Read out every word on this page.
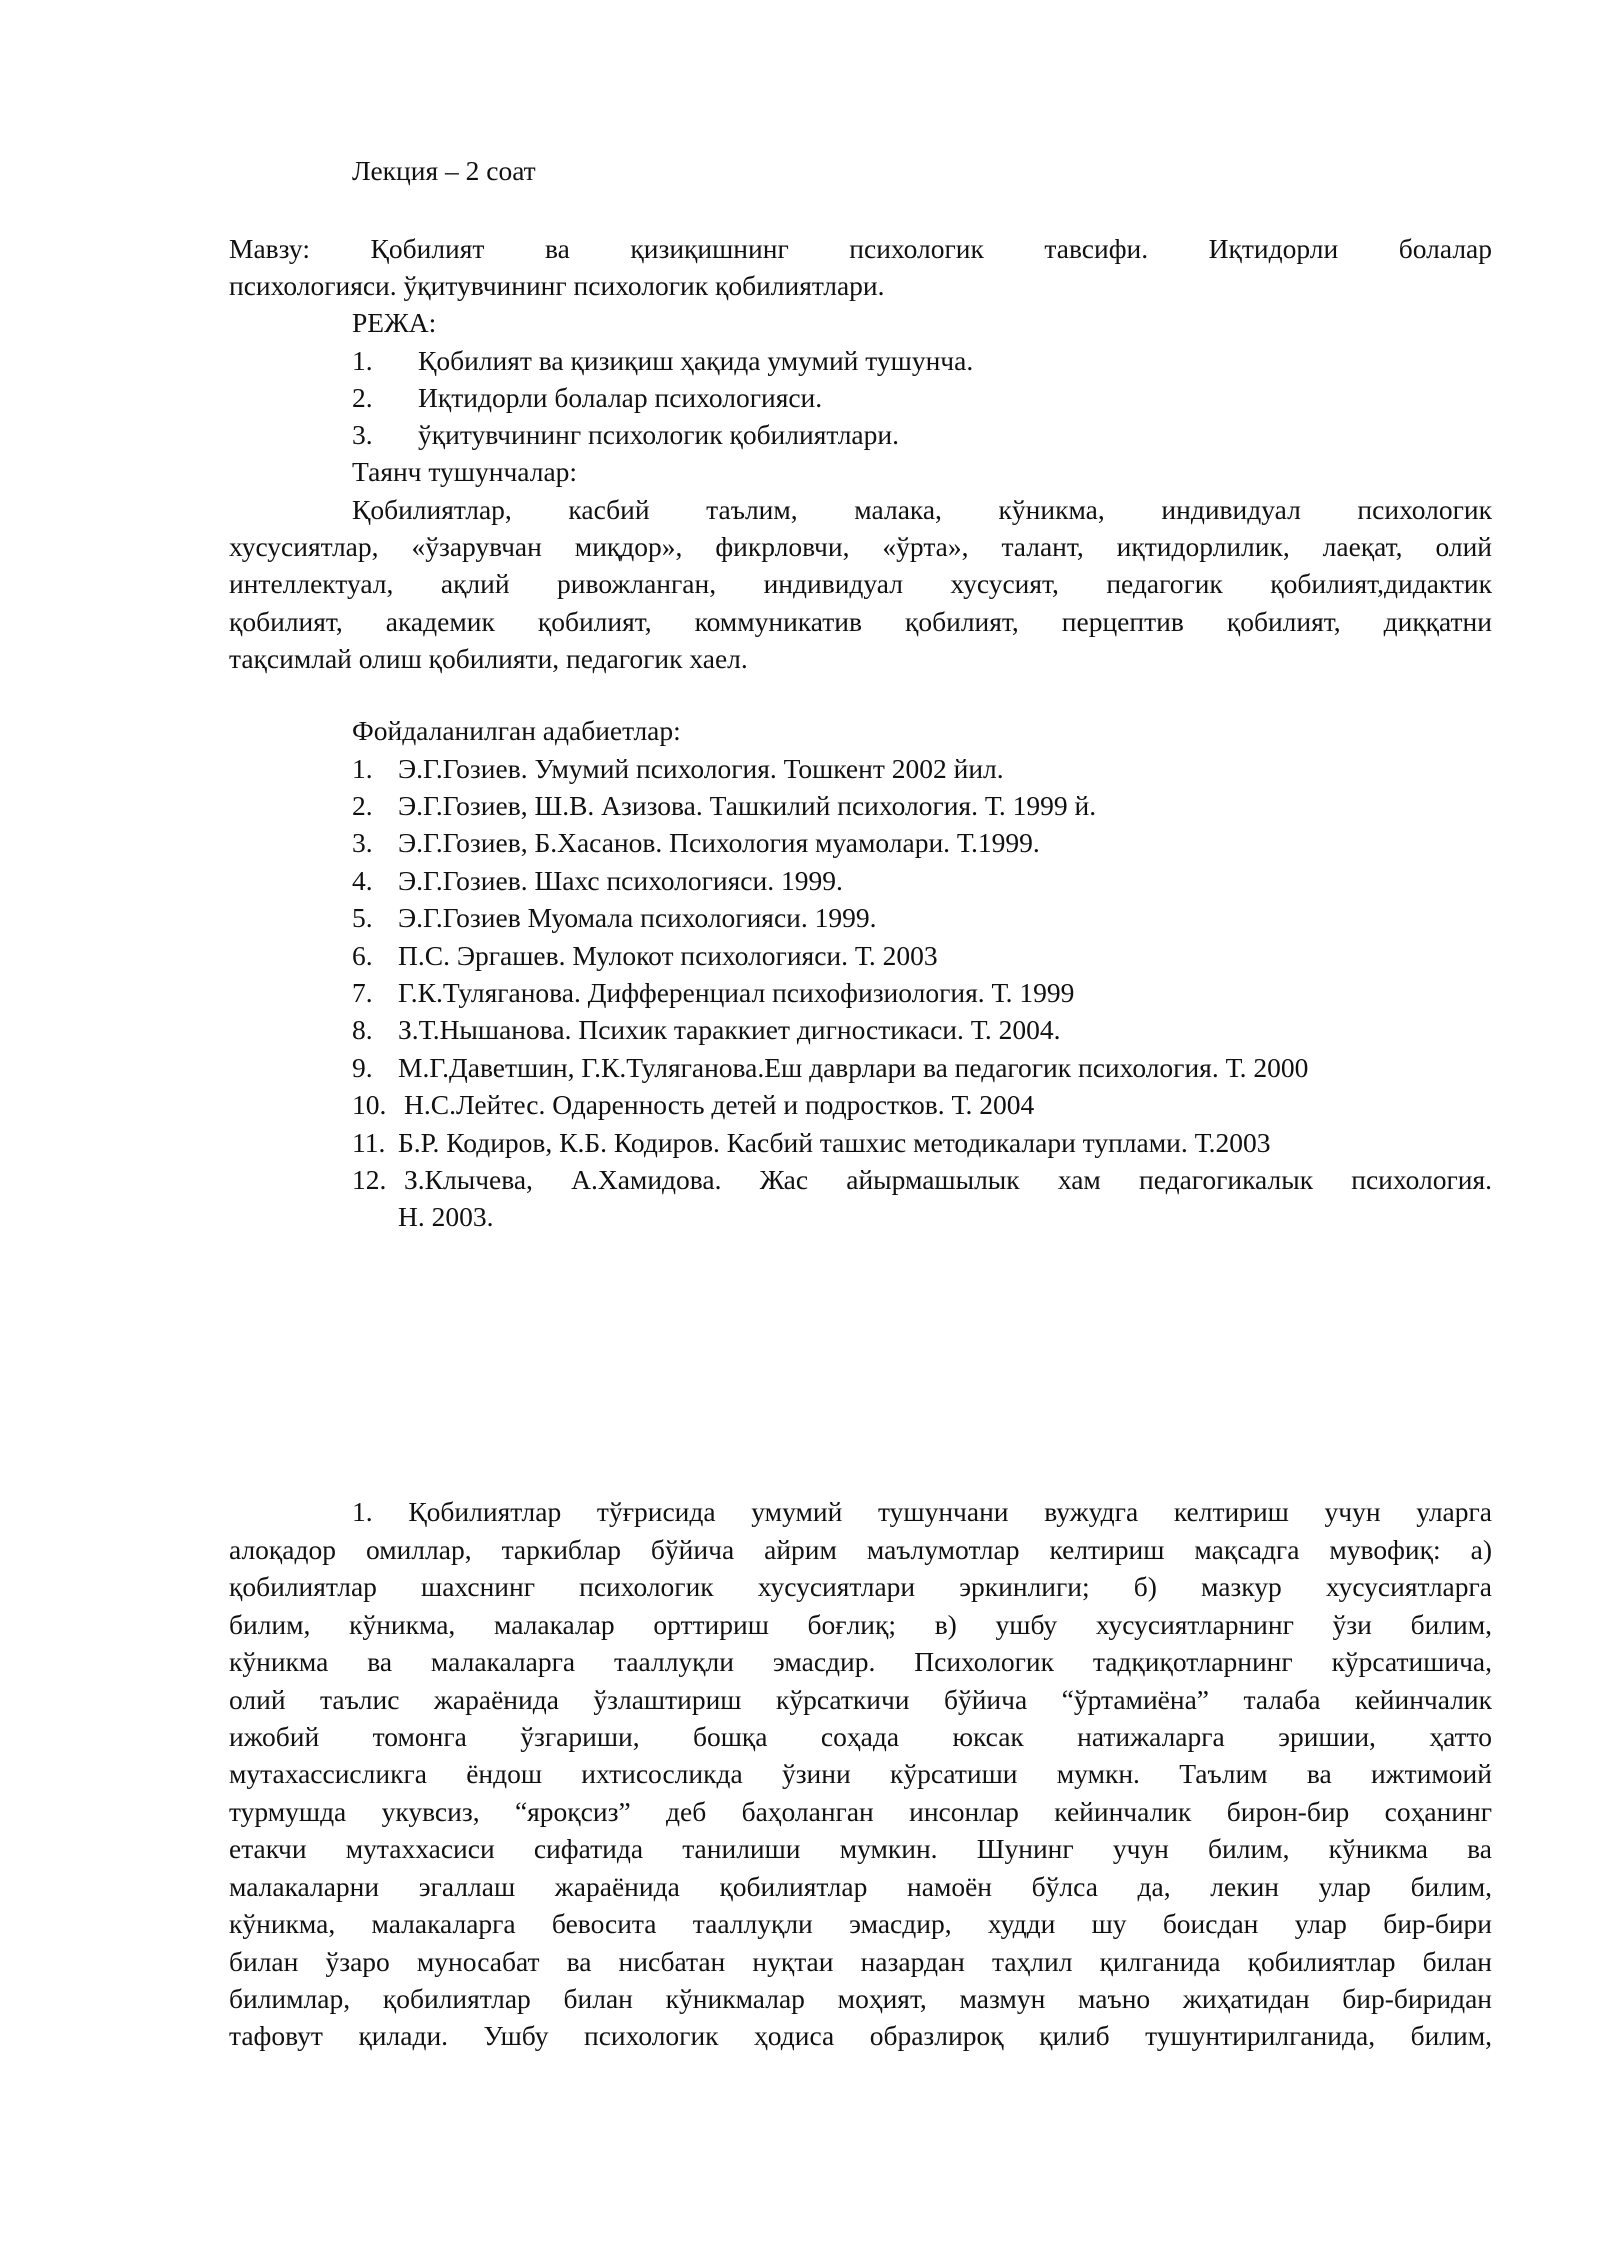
Лекция – 2 соат
Мавзу: Қобилият ва қизиқишнинг психологик тавсифи. Иқтидорли болалар
психологияси. ўқитувчининг психологик қобилиятлари.
РЕЖА:
1. Қобилият ва қизиқиш ҳақида умумий тушунча.
2. Иқтидорли болалар психологияси.
3. ўқитувчининг психологик қобилиятлари.
Таянч тушунчалар:
Қобилиятлар, касбий таълим, малака, кўникма, индивидуал психологик
хусусиятлар, «ўзарувчан миқдор», фикрловчи, «ўрта», талант, иқтидорлилик, лаеқат, олий
интеллектуал, ақлий ривожланган, индивидуал хусусият, педагогик қобилият,дидактик
қобилият, академик қобилият, коммуникатив қобилият, перцептив қобилият, диққатни
тақсимлай олиш қобилияти, педагогик хаел.
Фойдаланилган адабиетлар:
1. Э.Г.Гозиев. Умумий психология. Тошкент 2002 йил.
2. Э.Г.Гозиев, Ш.В. Азизова. Ташкилий психология. Т. 1999 й.
3. Э.Г.Гозиев, Б.Хасанов. Психология муамолари. Т.1999.
4. Э.Г.Гозиев. Шахс психологияси. 1999.
5. Э.Г.Гозиев Муомала психологияси. 1999.
6. П.С. Эргашев. Мулокот психологияси. Т. 2003
7. Г.К.Туляганова. Дифференциал психофизиология. Т. 1999
8. З.Т.Нышанова. Психик тараккиет дигностикаси. Т. 2004.
9. М.Г.Даветшин, Г.К.Туляганова.Еш даврлари ва педагогик психология. Т. 2000
10. Н.С.Лейтес. Одаренность детей и подростков. Т. 2004
11. Б.Р. Кодиров, К.Б. Кодиров. Касбий ташхис методикалари туплами. Т.2003
12. З.Клычева, А.Хамидова. Жас айырмашылык хам педагогикалык психология.
Н. 2003.
1. Қобилиятлар тўғрисида умумий тушунчани вужудга келтириш учун уларга
алоқадор омиллар, таркиблар бўйича айрим маълумотлар келтириш мақсадга мувофиқ: а)
қобилиятлар шахснинг психологик хусусиятлари эркинлиги; б) мазкур хусусиятларга
билим, кўникма, малакалар орттириш боғлиқ; в) ушбу хусусиятларнинг ўзи билим,
кўникма ва малакаларга тааллуқли эмасдир. Психологик тадқиқотларнинг кўрсатишича,
олий таълис жараёнида ўзлаштириш кўрсаткичи бўйича “ўртамиёна” талаба кейинчалик
ижобий томонга ўзгариши, бошқа соҳада юксак натижаларга эришии, ҳатто
мутахассисликга ёндош ихтисосликда ўзини кўрсатиши мумкн. Таълим ва ижтимоий
турмушда укувсиз, “яроқсиз” деб баҳоланган инсонлар кейинчалик бирон-бир соҳанинг
етакчи мутаххасиси сифатида танилиши мумкин. Шунинг учун билим, кўникма ва
малакаларни эгаллаш жараёнида қобилиятлар намоён бўлса да, лекин улар билим,
кўникма, малакаларга бевосита тааллуқли эмасдир, худди шу боисдан улар бир-бири
билан ўзаро муносабат ва нисбатан нуқтаи назардан таҳлил қилганида қобилиятлар билан
билимлар, қобилиятлар билан кўникмалар моҳият, мазмун маъно жиҳатидан бир-биридан
тафовут қилади. Ушбу психологик ҳодиса образлироқ қилиб тушунтирилганида, билим,
